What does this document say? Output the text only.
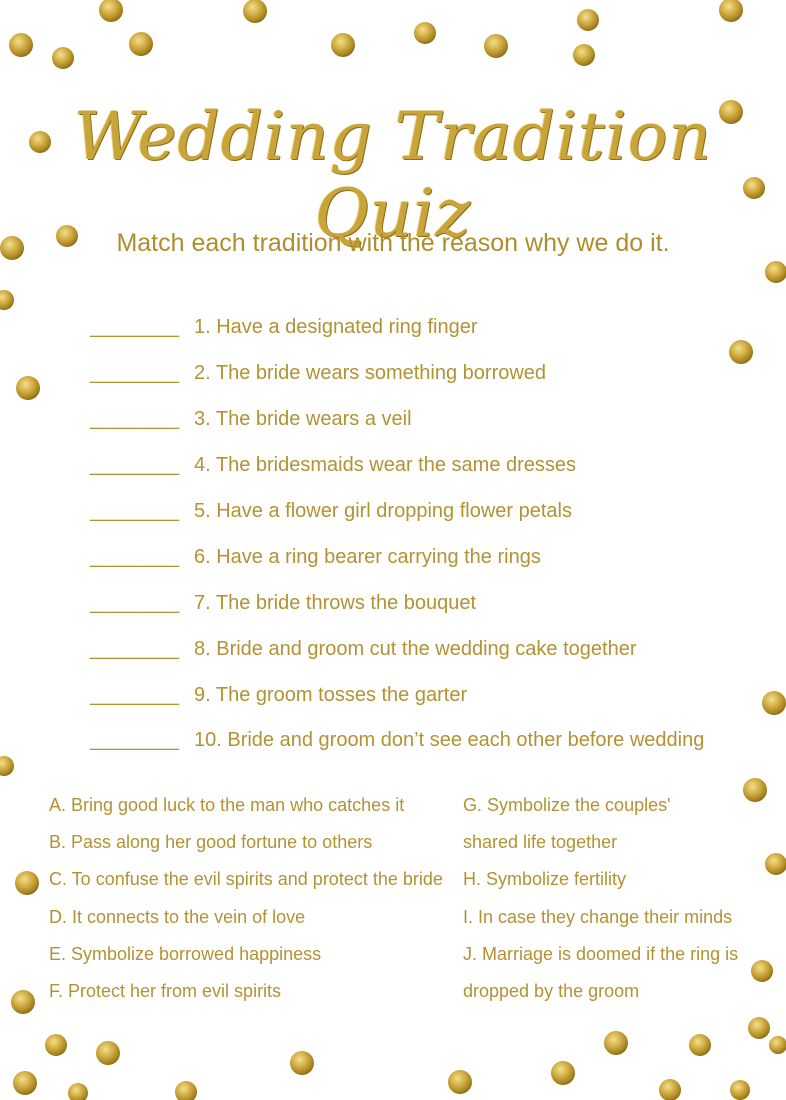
Wedding Tradition Quiz

Match each tradition with the reason why we do it.

________ 1. Have a designated ring finger
________ 2. The bride wears something borrowed
________ 3. The bride wears a veil
________ 4. The bridesmaids wear the same dresses
________ 5. Have a flower girl dropping flower petals
________ 6. Have a ring bearer carrying the rings
________ 7. The bride throws the bouquet
________ 8. Bride and groom cut the wedding cake together
________ 9. The groom tosses the garter
________ 10. Bride and groom don’t see each other before wedding
A. Bring good luck to the man who catches it
B. Pass along her good fortune to others
C. To confuse the evil spirits and protect the bride
D. It connects to the vein of love
E. Symbolize borrowed happiness
F. Protect her from evil spirits
G. Symbolize the couples'
shared life together
H. Symbolize fertility
I. In case they change their minds
J. Marriage is doomed if the ring is
dropped by the groom
